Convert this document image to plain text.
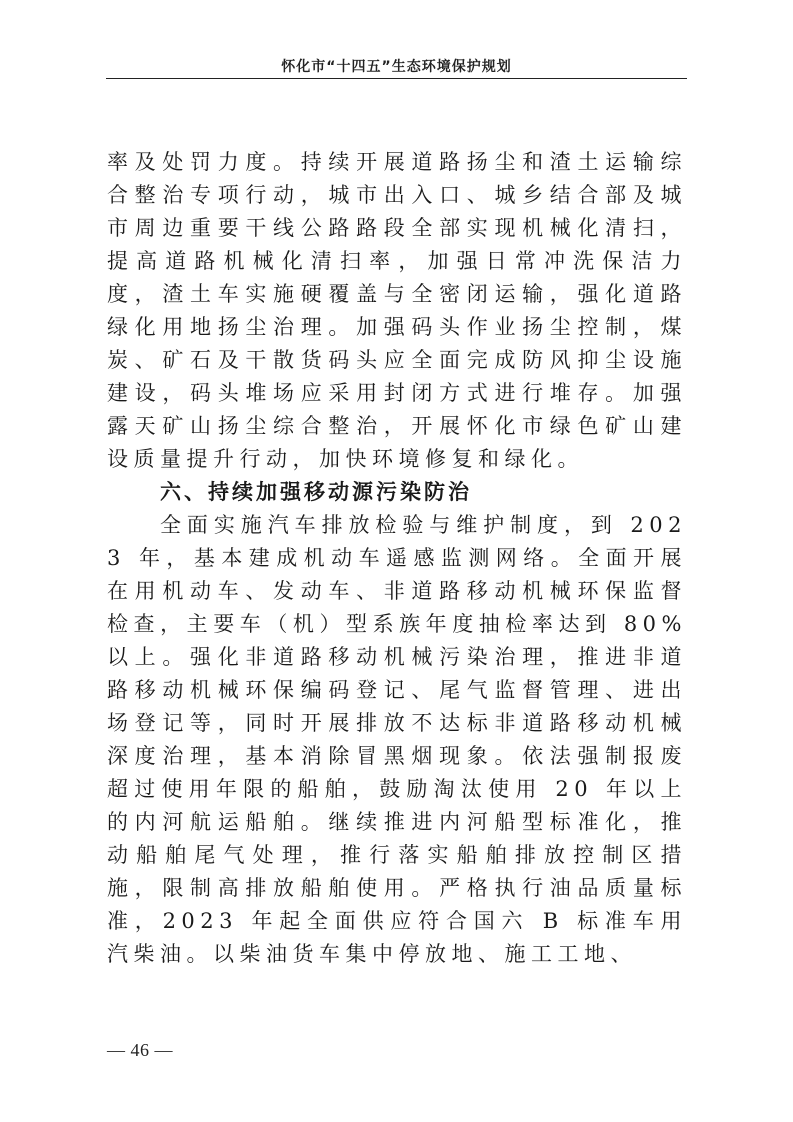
怀化市“十四五”生态环境保护规划

率及处罚力度。持续开展道路扬尘和渣土运输综合整治专项行动，城市出入口、城乡结合部及城市周边重要干线公路路段全部实现机械化清扫，提高道路机械化清扫率，加强日常冲洗保洁力度，渣土车实施硬覆盖与全密闭运输，强化道路绿化用地扬尘治理。加强码头作业扬尘控制，煤炭、矿石及干散货码头应全面完成防风抑尘设施建设，码头堆场应采用封闭方式进行堆存。加强露天矿山扬尘综合整治，开展怀化市绿色矿山建设质量提升行动，加快环境修复和绿化。

六、持续加强移动源污染防治

全面实施汽车排放检验与维护制度，到 2023 年，基本建成机动车遥感监测网络。全面开展在用机动车、发动车、非道路移动机械环保监督检查，主要车（机）型系族年度抽检率达到 80%以上。强化非道路移动机械污染治理，推进非道路移动机械环保编码登记、尾气监督管理、进出场登记等，同时开展排放不达标非道路移动机械深度治理，基本消除冒黑烟现象。依法强制报废超过使用年限的船舶，鼓励淘汰使用 20 年以上的内河航运船舶。继续推进内河船型标准化，推动船舶尾气处理，推行落实船舶排放控制区措施，限制高排放船舶使用。严格执行油品质量标准，2023 年起全面供应符合国六 B 标准车用汽柴油。以柴油货车集中停放地、施工工地、

— 46 —
